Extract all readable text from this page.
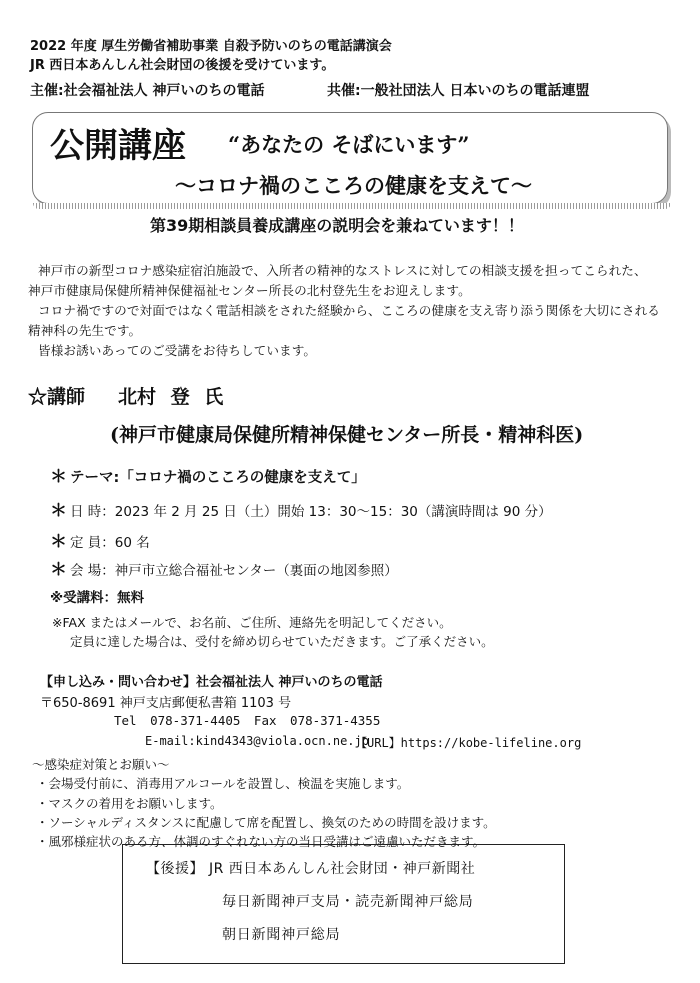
2022 年度 厚生労働省補助事業 自殺予防いのちの電話講演会
JR 西日本あんしん社会財団の後援を受けています。
主催:社会福祉法人 神戸いのちの電話	共催:一般社団法人 日本いのちの電話連盟
公開講座 “あなたの そばにいます”
～コロナ禍のこころの健康を支えて～
第39期相談員養成講座の説明会を兼ねています！！
神戸市の新型コロナ感染症宿泊施設で、入所者の精神的なストレスに対しての相談支援を担ってこられた、
神戸市健康局保健所精神保健福祉センター所長の北村登先生をお迎えします。
コロナ禍ですので対面ではなく電話相談をされた経験から、こころの健康を支え寄り添う関係を大切にされる
精神科の先生です。
皆様お誘いあってのご受講をお待ちしています。
☆講師 北村 登 氏
(神戸市健康局保健所精神保健センター所長・精神科医)
＊ テーマ:「コロナ禍のこころの健康を支えて」
＊ 日 時：2023 年 2 月 25 日（土）開始 13：30～15：30（講演時間は 90 分）
＊ 定 員：60 名
＊ 会 場：神戸市立総合福祉センター（裏面の地図参照）
※受講料：無料
※FAX またはメールで、お名前、ご住所、連絡先を明記してください。
定員に達した場合は、受付を締め切らせていただきます。ご了承ください。
【申し込み・問い合わせ】社会福祉法人 神戸いのちの電話
〒650-8691 神戸支店郵便私書箱 1103 号
Tel 078-371-4405 Fax 078-371-4355
E-mail:kind4343@viola.ocn.ne.jp
【URL】https://kobe-lifeline.org
～感染症対策とお願い～
・会場受付前に、消毒用アルコールを設置し、検温を実施します。
・マスクの着用をお願いします。
・ソーシャルディスタンスに配慮して席を配置し、換気のための時間を設けます。
・風邪様症状のある方、体調のすぐれない方の当日受講はご遠慮いただきます。
【後援】 JR 西日本あんしん社会財団・神戸新聞社
毎日新聞神戸支局・読売新聞神戸総局
朝日新聞神戸総局
